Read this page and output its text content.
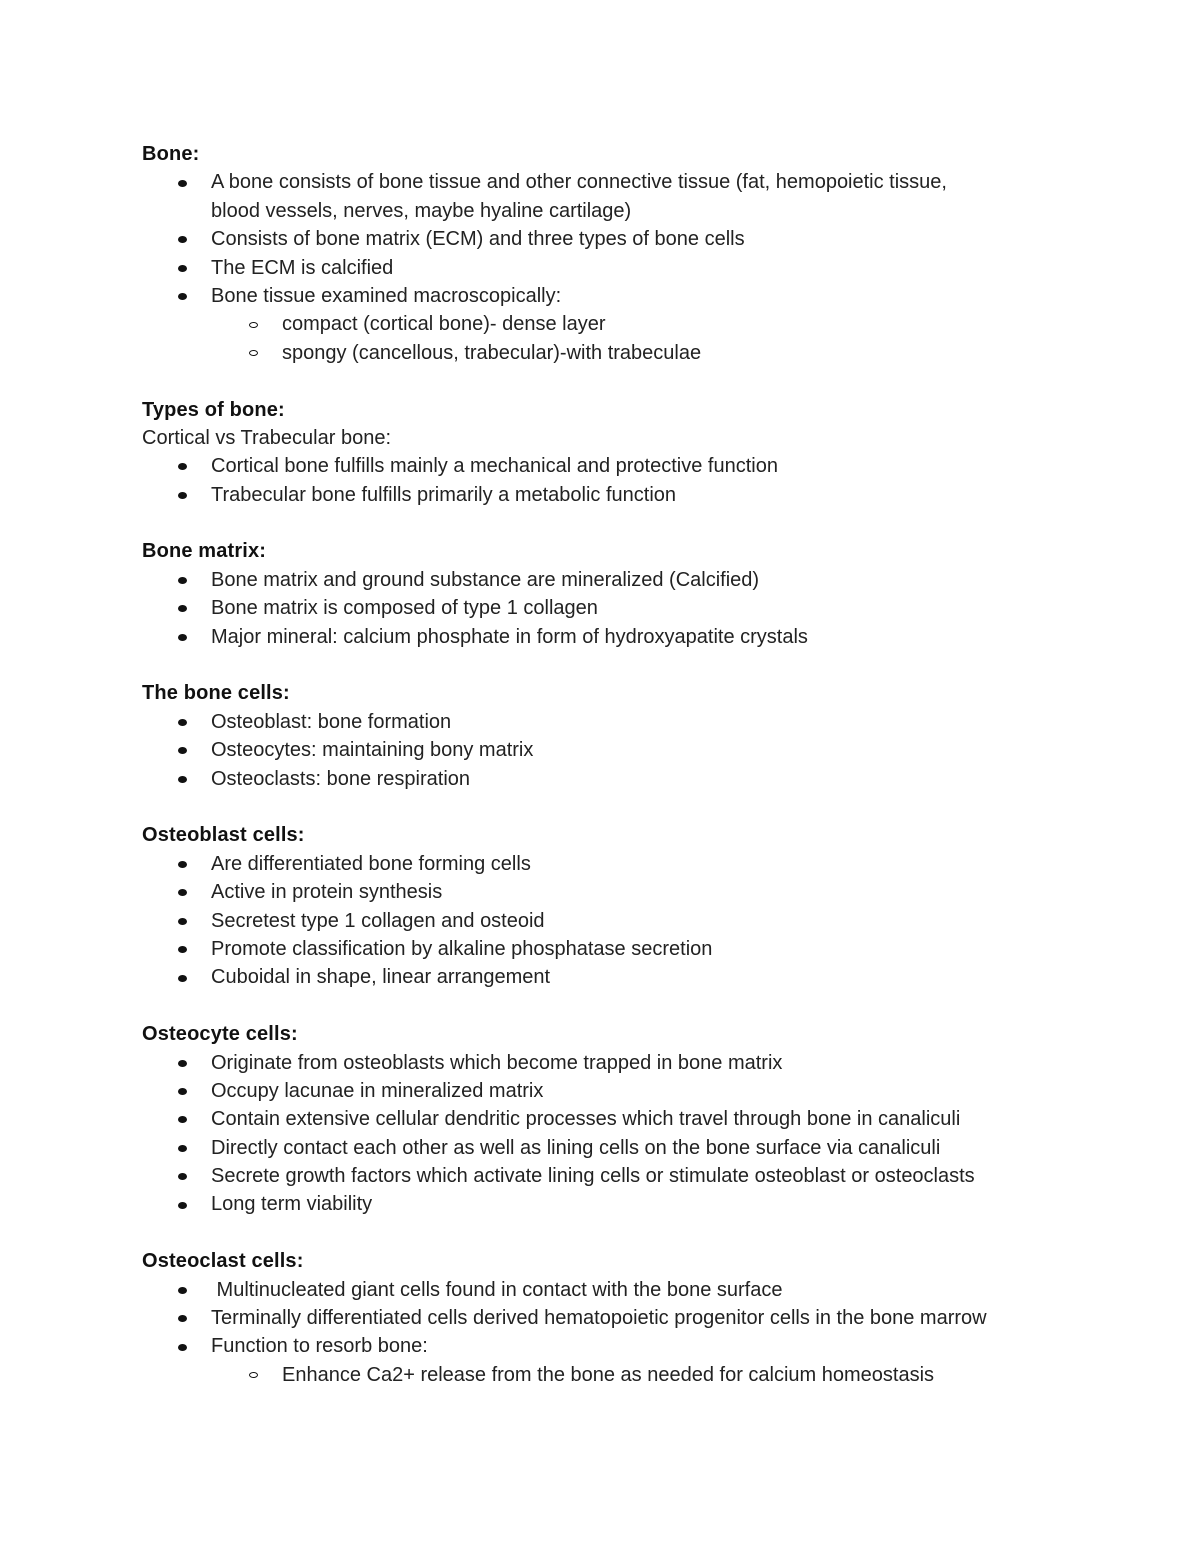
Bone:
A bone consists of bone tissue and other connective tissue (fat, hemopoietic tissue,
blood vessels, nerves, maybe hyaline cartilage)
Consists of bone matrix (ECM) and three types of bone cells
The ECM is calcified
Bone tissue examined macroscopically:
compact (cortical bone)- dense layer
spongy (cancellous, trabecular)-with trabeculae
Types of bone:
Cortical vs Trabecular bone:
Cortical bone fulfills mainly a mechanical and protective function
Trabecular bone fulfills primarily a metabolic function
Bone matrix:
Bone matrix and ground substance are mineralized (Calcified)
Bone matrix is composed of type 1 collagen
Major mineral: calcium phosphate in form of hydroxyapatite crystals
The bone cells:
Osteoblast: bone formation
Osteocytes: maintaining bony matrix
Osteoclasts: bone respiration
Osteoblast cells:
Are differentiated bone forming cells
Active in protein synthesis
Secretest type 1 collagen and osteoid
Promote classification by alkaline phosphatase secretion
Cuboidal in shape, linear arrangement
Osteocyte cells:
Originate from osteoblasts which become trapped in bone matrix
Occupy lacunae in mineralized matrix
Contain extensive cellular dendritic processes which travel through bone in canaliculi
Directly contact each other as well as lining cells on the bone surface via canaliculi
Secrete growth factors which activate lining cells or stimulate osteoblast or osteoclasts
Long term viability
Osteoclast cells:
Multinucleated giant cells found in contact with the bone surface
Terminally differentiated cells derived hematopoietic progenitor cells in the bone marrow
Function to resorb bone:
Enhance Ca2+ release from the bone as needed for calcium homeostasis
